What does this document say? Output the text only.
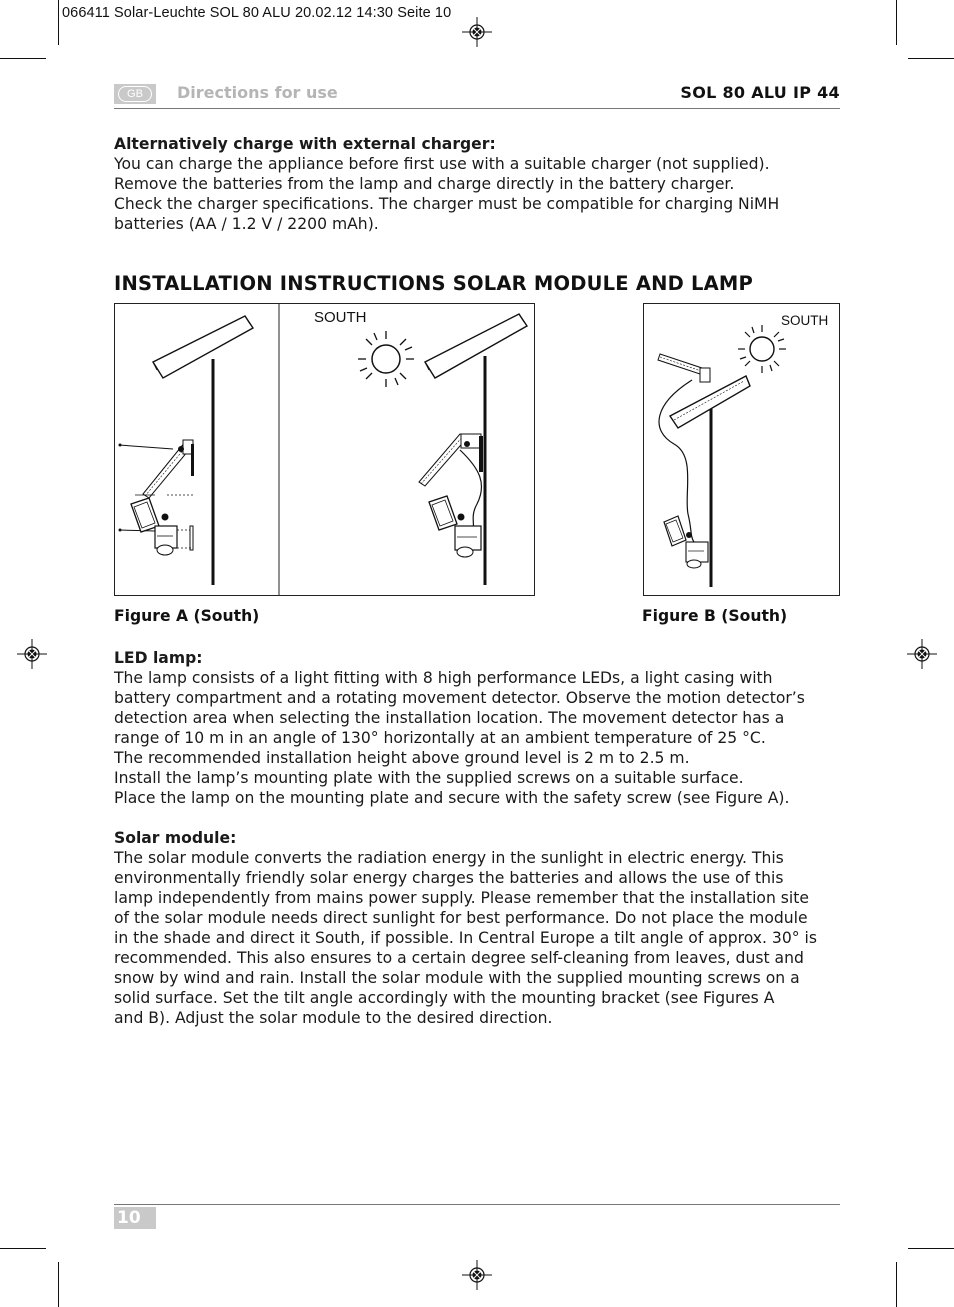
066411 Solar-Leuchte SOL 80 ALU 20.02.12 14:30 Seite 10
GB	Directions for use	SOL 80 ALU IP 44
Alternatively charge with external charger:
You can charge the appliance before first use with a suitable charger (not supplied).
Remove the batteries from the lamp and charge directly in the battery charger.
Check the charger specifications. The charger must be compatible for charging NiMH
batteries (AA / 1.2 V / 2200 mAh).
INSTALLATION INSTRUCTIONS SOLAR MODULE AND LAMP
SOUTH	SOUTH
Figure A (South)	Figure B (South)
LED lamp:
The lamp consists of a light fitting with 8 high performance LEDs, a light casing with
battery compartment and a rotating movement detector. Observe the motion detector’s
detection area when selecting the installation location. The movement detector has a
range of 10 m in an angle of 130° horizontally at an ambient temperature of 25 °C.
The recommended installation height above ground level is 2 m to 2.5 m.
Install the lamp’s mounting plate with the supplied screws on a suitable surface.
Place the lamp on the mounting plate and secure with the safety screw (see Figure A).
Solar module:
The solar module converts the radiation energy in the sunlight in electric energy. This
environmentally friendly solar energy charges the batteries and allows the use of this
lamp independently from mains power supply. Please remember that the installation site
of the solar module needs direct sunlight for best performance. Do not place the module
in the shade and direct it South, if possible. In Central Europe a tilt angle of approx. 30° is
recommended. This also ensures to a certain degree self-cleaning from leaves, dust and
snow by wind and rain. Install the solar module with the supplied mounting screws on a
solid surface. Set the tilt angle accordingly with the mounting bracket (see Figures A
and B). Adjust the solar module to the desired direction.
10
